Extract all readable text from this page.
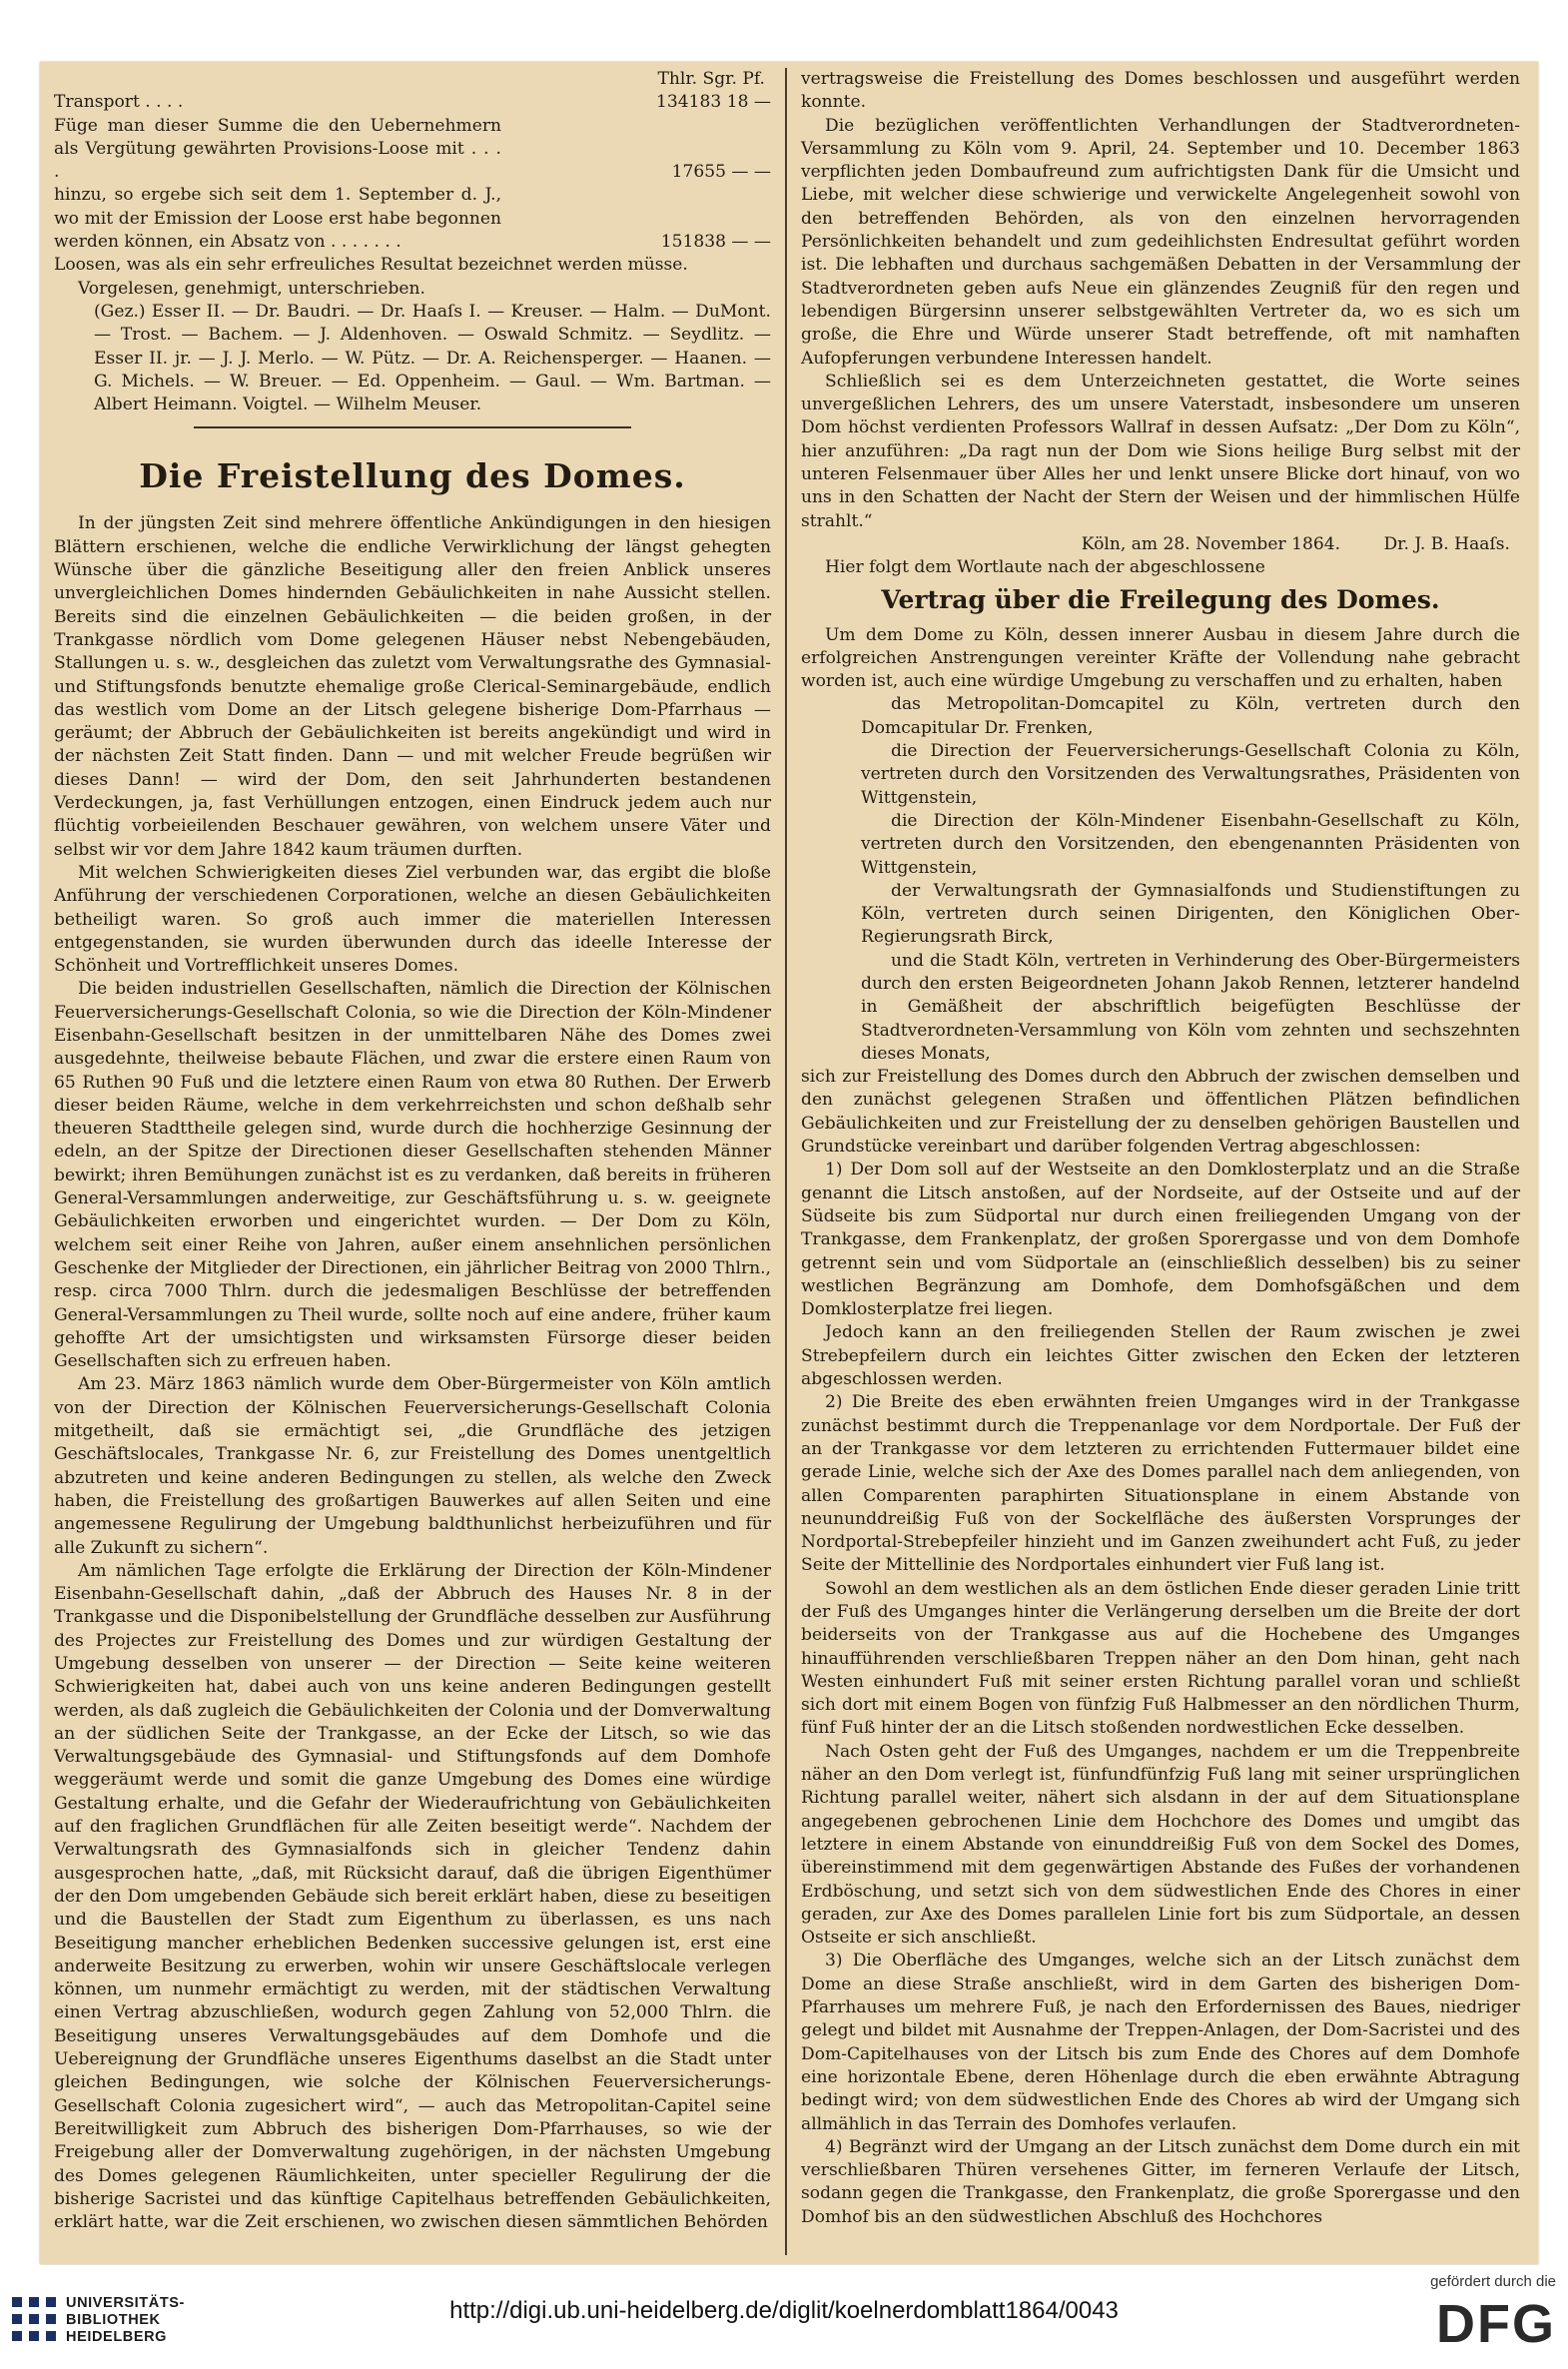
Thlr. Sgr. Pf.
Transport . . . .	134183 18 —
Füge man dieser Summe die den Uebernehmern als Vergütung gewährten Provisions-Loose mit . . . .	17655 — —
hinzu, so ergebe sich seit dem 1. September d. J., wo mit der Emission der Loose erst habe begonnen werden können, ein Absatz von . . . . . . .	151838 — —

Loosen, was als ein sehr erfreuliches Resultat bezeichnet werden müsse.

Vorgelesen, genehmigt, unterschrieben.

(Gez.) Esser II. — Dr. Baudri. — Dr. Haaſs I. — Kreuser. — Halm. — DuMont. — Trost. — Bachem. — J. Aldenhoven. — Oswald Schmitz. — Seydlitz. — Esser II. jr. — J. J. Merlo. — W. Pütz. — Dr. A. Reichensperger. — Haanen. — G. Michels. — W. Breuer. — Ed. Oppenheim. — Gaul. — Wm. Bartman. — Albert Heimann. Voigtel. — Wilhelm Meuser.

Die Freistellung des Domes.

In der jüngsten Zeit sind mehrere öffentliche Ankündigungen in den hiesigen Blättern erschienen, welche die endliche Verwirklichung der längst gehegten Wünsche über die gänzliche Beseitigung aller den freien Anblick unseres unvergleichlichen Domes hindernden Gebäulichkeiten in nahe Aussicht stellen. Bereits sind die einzelnen Gebäulichkeiten — die beiden großen, in der Trankgasse nördlich vom Dome gelegenen Häuser nebst Nebengebäuden, Stallungen u. s. w., desgleichen das zuletzt vom Verwaltungsrathe des Gymnasial- und Stiftungsfonds benutzte ehemalige große Clerical-Seminargebäude, endlich das westlich vom Dome an der Litsch gelegene bisherige Dom-Pfarrhaus — geräumt; der Abbruch der Gebäulichkeiten ist bereits angekündigt und wird in der nächsten Zeit Statt finden. Dann — und mit welcher Freude begrüßen wir dieses Dann! — wird der Dom, den seit Jahrhunderten bestandenen Verdeckungen, ja, fast Verhüllungen entzogen, einen Eindruck jedem auch nur flüchtig vorbeieilenden Beschauer gewähren, von welchem unsere Väter und selbst wir vor dem Jahre 1842 kaum träumen durften.

Mit welchen Schwierigkeiten dieses Ziel verbunden war, das ergibt die bloße Anführung der verschiedenen Corporationen, welche an diesen Gebäulichkeiten betheiligt waren. So groß auch immer die materiellen Interessen entgegenstanden, sie wurden überwunden durch das ideelle Interesse der Schönheit und Vortrefflichkeit unseres Domes.

Die beiden industriellen Gesellschaften, nämlich die Direction der Kölnischen Feuerversicherungs-Gesellschaft Colonia, so wie die Direction der Köln-Mindener Eisenbahn-Gesellschaft besitzen in der unmittelbaren Nähe des Domes zwei ausgedehnte, theilweise bebaute Flächen, und zwar die erstere einen Raum von 65 Ruthen 90 Fuß und die letztere einen Raum von etwa 80 Ruthen. Der Erwerb dieser beiden Räume, welche in dem verkehrreichsten und schon deßhalb sehr theueren Stadttheile gelegen sind, wurde durch die hochherzige Gesinnung der edeln, an der Spitze der Directionen dieser Gesellschaften stehenden Männer bewirkt; ihren Bemühungen zunächst ist es zu verdanken, daß bereits in früheren General-Versammlungen anderweitige, zur Geschäftsführung u. s. w. geeignete Gebäulichkeiten erworben und eingerichtet wurden. — Der Dom zu Köln, welchem seit einer Reihe von Jahren, außer einem ansehnlichen persönlichen Geschenke der Mitglieder der Directionen, ein jährlicher Beitrag von 2000 Thlrn., resp. circa 7000 Thlrn. durch die jedesmaligen Beschlüsse der betreffenden General-Versammlungen zu Theil wurde, sollte noch auf eine andere, früher kaum gehoffte Art der umsichtigsten und wirksamsten Fürsorge dieser beiden Gesellschaften sich zu erfreuen haben.

Am 23. März 1863 nämlich wurde dem Ober-Bürgermeister von Köln amtlich von der Direction der Kölnischen Feuerversicherungs-Gesellschaft Colonia mitgetheilt, daß sie ermächtigt sei, „die Grundfläche des jetzigen Geschäftslocales, Trankgasse Nr. 6, zur Freistellung des Domes unentgeltlich abzutreten und keine anderen Bedingungen zu stellen, als welche den Zweck haben, die Freistellung des großartigen Bauwerkes auf allen Seiten und eine angemessene Regulirung der Umgebung baldthunlichst herbeizuführen und für alle Zukunft zu sichern“.

Am nämlichen Tage erfolgte die Erklärung der Direction der Köln-Mindener Eisenbahn-Gesellschaft dahin, „daß der Abbruch des Hauses Nr. 8 in der Trankgasse und die Disponibelstellung der Grundfläche desselben zur Ausführung des Projectes zur Freistellung des Domes und zur würdigen Gestaltung der Umgebung desselben von unserer — der Direction — Seite keine weiteren Schwierigkeiten hat, dabei auch von uns keine anderen Bedingungen gestellt werden, als daß zugleich die Gebäulichkeiten der Colonia und der Domverwaltung an der südlichen Seite der Trankgasse, an der Ecke der Litsch, so wie das Verwaltungsgebäude des Gymnasial- und Stiftungsfonds auf dem Domhofe weggeräumt werde und somit die ganze Umgebung des Domes eine würdige Gestaltung erhalte, und die Gefahr der Wiederaufrichtung von Gebäulichkeiten auf den fraglichen Grundflächen für alle Zeiten beseitigt werde“. Nachdem der Verwaltungsrath des Gymnasialfonds sich in gleicher Tendenz dahin ausgesprochen hatte, „daß, mit Rücksicht darauf, daß die übrigen Eigenthümer der den Dom umgebenden Gebäude sich bereit erklärt haben, diese zu beseitigen und die Baustellen der Stadt zum Eigenthum zu überlassen, es uns nach Beseitigung mancher erheblichen Bedenken successive gelungen ist, erst eine anderweite Besitzung zu erwerben, wohin wir unsere Geschäftslocale verlegen können, um nunmehr ermächtigt zu werden, mit der städtischen Verwaltung einen Vertrag abzuschließen, wodurch gegen Zahlung von 52,000 Thlrn. die Beseitigung unseres Verwaltungsgebäudes auf dem Domhofe und die Uebereignung der Grundfläche unseres Eigenthums daselbst an die Stadt unter gleichen Bedingungen, wie solche der Kölnischen Feuerversicherungs-Gesellschaft Colonia zugesichert wird“, — auch das Metropolitan-Capitel seine Bereitwilligkeit zum Abbruch des bisherigen Dom-Pfarrhauses, so wie der Freigebung aller der Domverwaltung zugehörigen, in der nächsten Umgebung des Domes gelegenen Räumlichkeiten, unter specieller Regulirung der die bisherige Sacristei und das künftige Capitelhaus betreffenden Gebäulichkeiten, erklärt hatte, war die Zeit erschienen, wo zwischen diesen sämmtlichen Behörden

vertragsweise die Freistellung des Domes beschlossen und ausgeführt werden konnte.

Die bezüglichen veröffentlichten Verhandlungen der Stadtverordneten-Versammlung zu Köln vom 9. April, 24. September und 10. December 1863 verpflichten jeden Dombaufreund zum aufrichtigsten Dank für die Umsicht und Liebe, mit welcher diese schwierige und verwickelte Angelegenheit sowohl von den betreffenden Behörden, als von den einzelnen hervorragenden Persönlichkeiten behandelt und zum gedeihlichsten Endresultat geführt worden ist. Die lebhaften und durchaus sachgemäßen Debatten in der Versammlung der Stadtverordneten geben aufs Neue ein glänzendes Zeugniß für den regen und lebendigen Bürgersinn unserer selbstgewählten Vertreter da, wo es sich um große, die Ehre und Würde unserer Stadt betreffende, oft mit namhaften Aufopferungen verbundene Interessen handelt.

Schließlich sei es dem Unterzeichneten gestattet, die Worte seines unvergeßlichen Lehrers, des um unsere Vaterstadt, insbesondere um unseren Dom höchst verdienten Professors Wallraf in dessen Aufsatz: „Der Dom zu Köln“, hier anzuführen: „Da ragt nun der Dom wie Sions heilige Burg selbst mit der unteren Felsenmauer über Alles her und lenkt unsere Blicke dort hinauf, von wo uns in den Schatten der Nacht der Stern der Weisen und der himmlischen Hülfe strahlt.“

Köln, am 28. November 1864.        Dr. J. B. Haaſs.

Hier folgt dem Wortlaute nach der abgeschlossene

Vertrag über die Freilegung des Domes.

Um dem Dome zu Köln, dessen innerer Ausbau in diesem Jahre durch die erfolgreichen Anstrengungen vereinter Kräfte der Vollendung nahe gebracht worden ist, auch eine würdige Umgebung zu verschaffen und zu erhalten, haben

das Metropolitan-Domcapitel zu Köln, vertreten durch den Domcapitular Dr. Frenken,

die Direction der Feuerversicherungs-Gesellschaft Colonia zu Köln, vertreten durch den Vorsitzenden des Verwaltungsrathes, Präsidenten von Wittgenstein,

die Direction der Köln-Mindener Eisenbahn-Gesellschaft zu Köln, vertreten durch den Vorsitzenden, den ebengenannten Präsidenten von Wittgenstein,

der Verwaltungsrath der Gymnasialfonds und Studienstiftungen zu Köln, vertreten durch seinen Dirigenten, den Königlichen Ober-Regierungsrath Birck,

und die Stadt Köln, vertreten in Verhinderung des Ober-Bürgermeisters durch den ersten Beigeordneten Johann Jakob Rennen, letzterer handelnd in Gemäßheit der abschriftlich beigefügten Beschlüsse der Stadtverordneten-Versammlung von Köln vom zehnten und sechszehnten dieses Monats,

sich zur Freistellung des Domes durch den Abbruch der zwischen demselben und den zunächst gelegenen Straßen und öffentlichen Plätzen befindlichen Gebäulichkeiten und zur Freistellung der zu denselben gehörigen Baustellen und Grundstücke vereinbart und darüber folgenden Vertrag abgeschlossen:

1) Der Dom soll auf der Westseite an den Domklosterplatz und an die Straße genannt die Litsch anstoßen, auf der Nordseite, auf der Ostseite und auf der Südseite bis zum Südportal nur durch einen freiliegenden Umgang von der Trankgasse, dem Frankenplatz, der großen Sporergasse und von dem Domhofe getrennt sein und vom Südportale an (einschließlich desselben) bis zu seiner westlichen Begränzung am Domhofe, dem Domhofsgäßchen und dem Domklosterplatze frei liegen.

Jedoch kann an den freiliegenden Stellen der Raum zwischen je zwei Strebepfeilern durch ein leichtes Gitter zwischen den Ecken der letzteren abgeschlossen werden.

2) Die Breite des eben erwähnten freien Umganges wird in der Trankgasse zunächst bestimmt durch die Treppenanlage vor dem Nordportale. Der Fuß der an der Trankgasse vor dem letzteren zu errichtenden Futtermauer bildet eine gerade Linie, welche sich der Axe des Domes parallel nach dem anliegenden, von allen Comparenten paraphirten Situationsplane in einem Abstande von neununddreißig Fuß von der Sockelfläche des äußersten Vorsprunges der Nordportal-Strebepfeiler hinzieht und im Ganzen zweihundert acht Fuß, zu jeder Seite der Mittellinie des Nordportales einhundert vier Fuß lang ist.

Sowohl an dem westlichen als an dem östlichen Ende dieser geraden Linie tritt der Fuß des Umganges hinter die Verlängerung derselben um die Breite der dort beiderseits von der Trankgasse aus auf die Hochebene des Umganges hinaufführenden verschließbaren Treppen näher an den Dom hinan, geht nach Westen einhundert Fuß mit seiner ersten Richtung parallel voran und schließt sich dort mit einem Bogen von fünfzig Fuß Halbmesser an den nördlichen Thurm, fünf Fuß hinter der an die Litsch stoßenden nordwestlichen Ecke desselben.

Nach Osten geht der Fuß des Umganges, nachdem er um die Treppenbreite näher an den Dom verlegt ist, fünfundfünfzig Fuß lang mit seiner ursprünglichen Richtung parallel weiter, nähert sich alsdann in der auf dem Situationsplane angegebenen gebrochenen Linie dem Hochchore des Domes und umgibt das letztere in einem Abstande von einunddreißig Fuß von dem Sockel des Domes, übereinstimmend mit dem gegenwärtigen Abstande des Fußes der vorhandenen Erdböschung, und setzt sich von dem südwestlichen Ende des Chores in einer geraden, zur Axe des Domes parallelen Linie fort bis zum Südportale, an dessen Ostseite er sich anschließt.

3) Die Oberfläche des Umganges, welche sich an der Litsch zunächst dem Dome an diese Straße anschließt, wird in dem Garten des bisherigen Dom-Pfarrhauses um mehrere Fuß, je nach den Erfordernissen des Baues, niedriger gelegt und bildet mit Ausnahme der Treppen-Anlagen, der Dom-Sacristei und des Dom-Capitelhauses von der Litsch bis zum Ende des Chores auf dem Domhofe eine horizontale Ebene, deren Höhenlage durch die eben erwähnte Abtragung bedingt wird; von dem südwestlichen Ende des Chores ab wird der Umgang sich allmählich in das Terrain des Domhofes verlaufen.

4) Begränzt wird der Umgang an der Litsch zunächst dem Dome durch ein mit verschließbaren Thüren versehenes Gitter, im ferneren Verlaufe der Litsch, sodann gegen die Trankgasse, den Frankenplatz, die große Sporergasse und den Domhof bis an den südwestlichen Abschluß des Hochchores

UNIVERSITÄTS-
BIBLIOTHEK
HEIDELBERG
http://digi.ub.uni-heidelberg.de/diglit/koelnerdomblatt1864/0043
gefördert durch die
DFG
